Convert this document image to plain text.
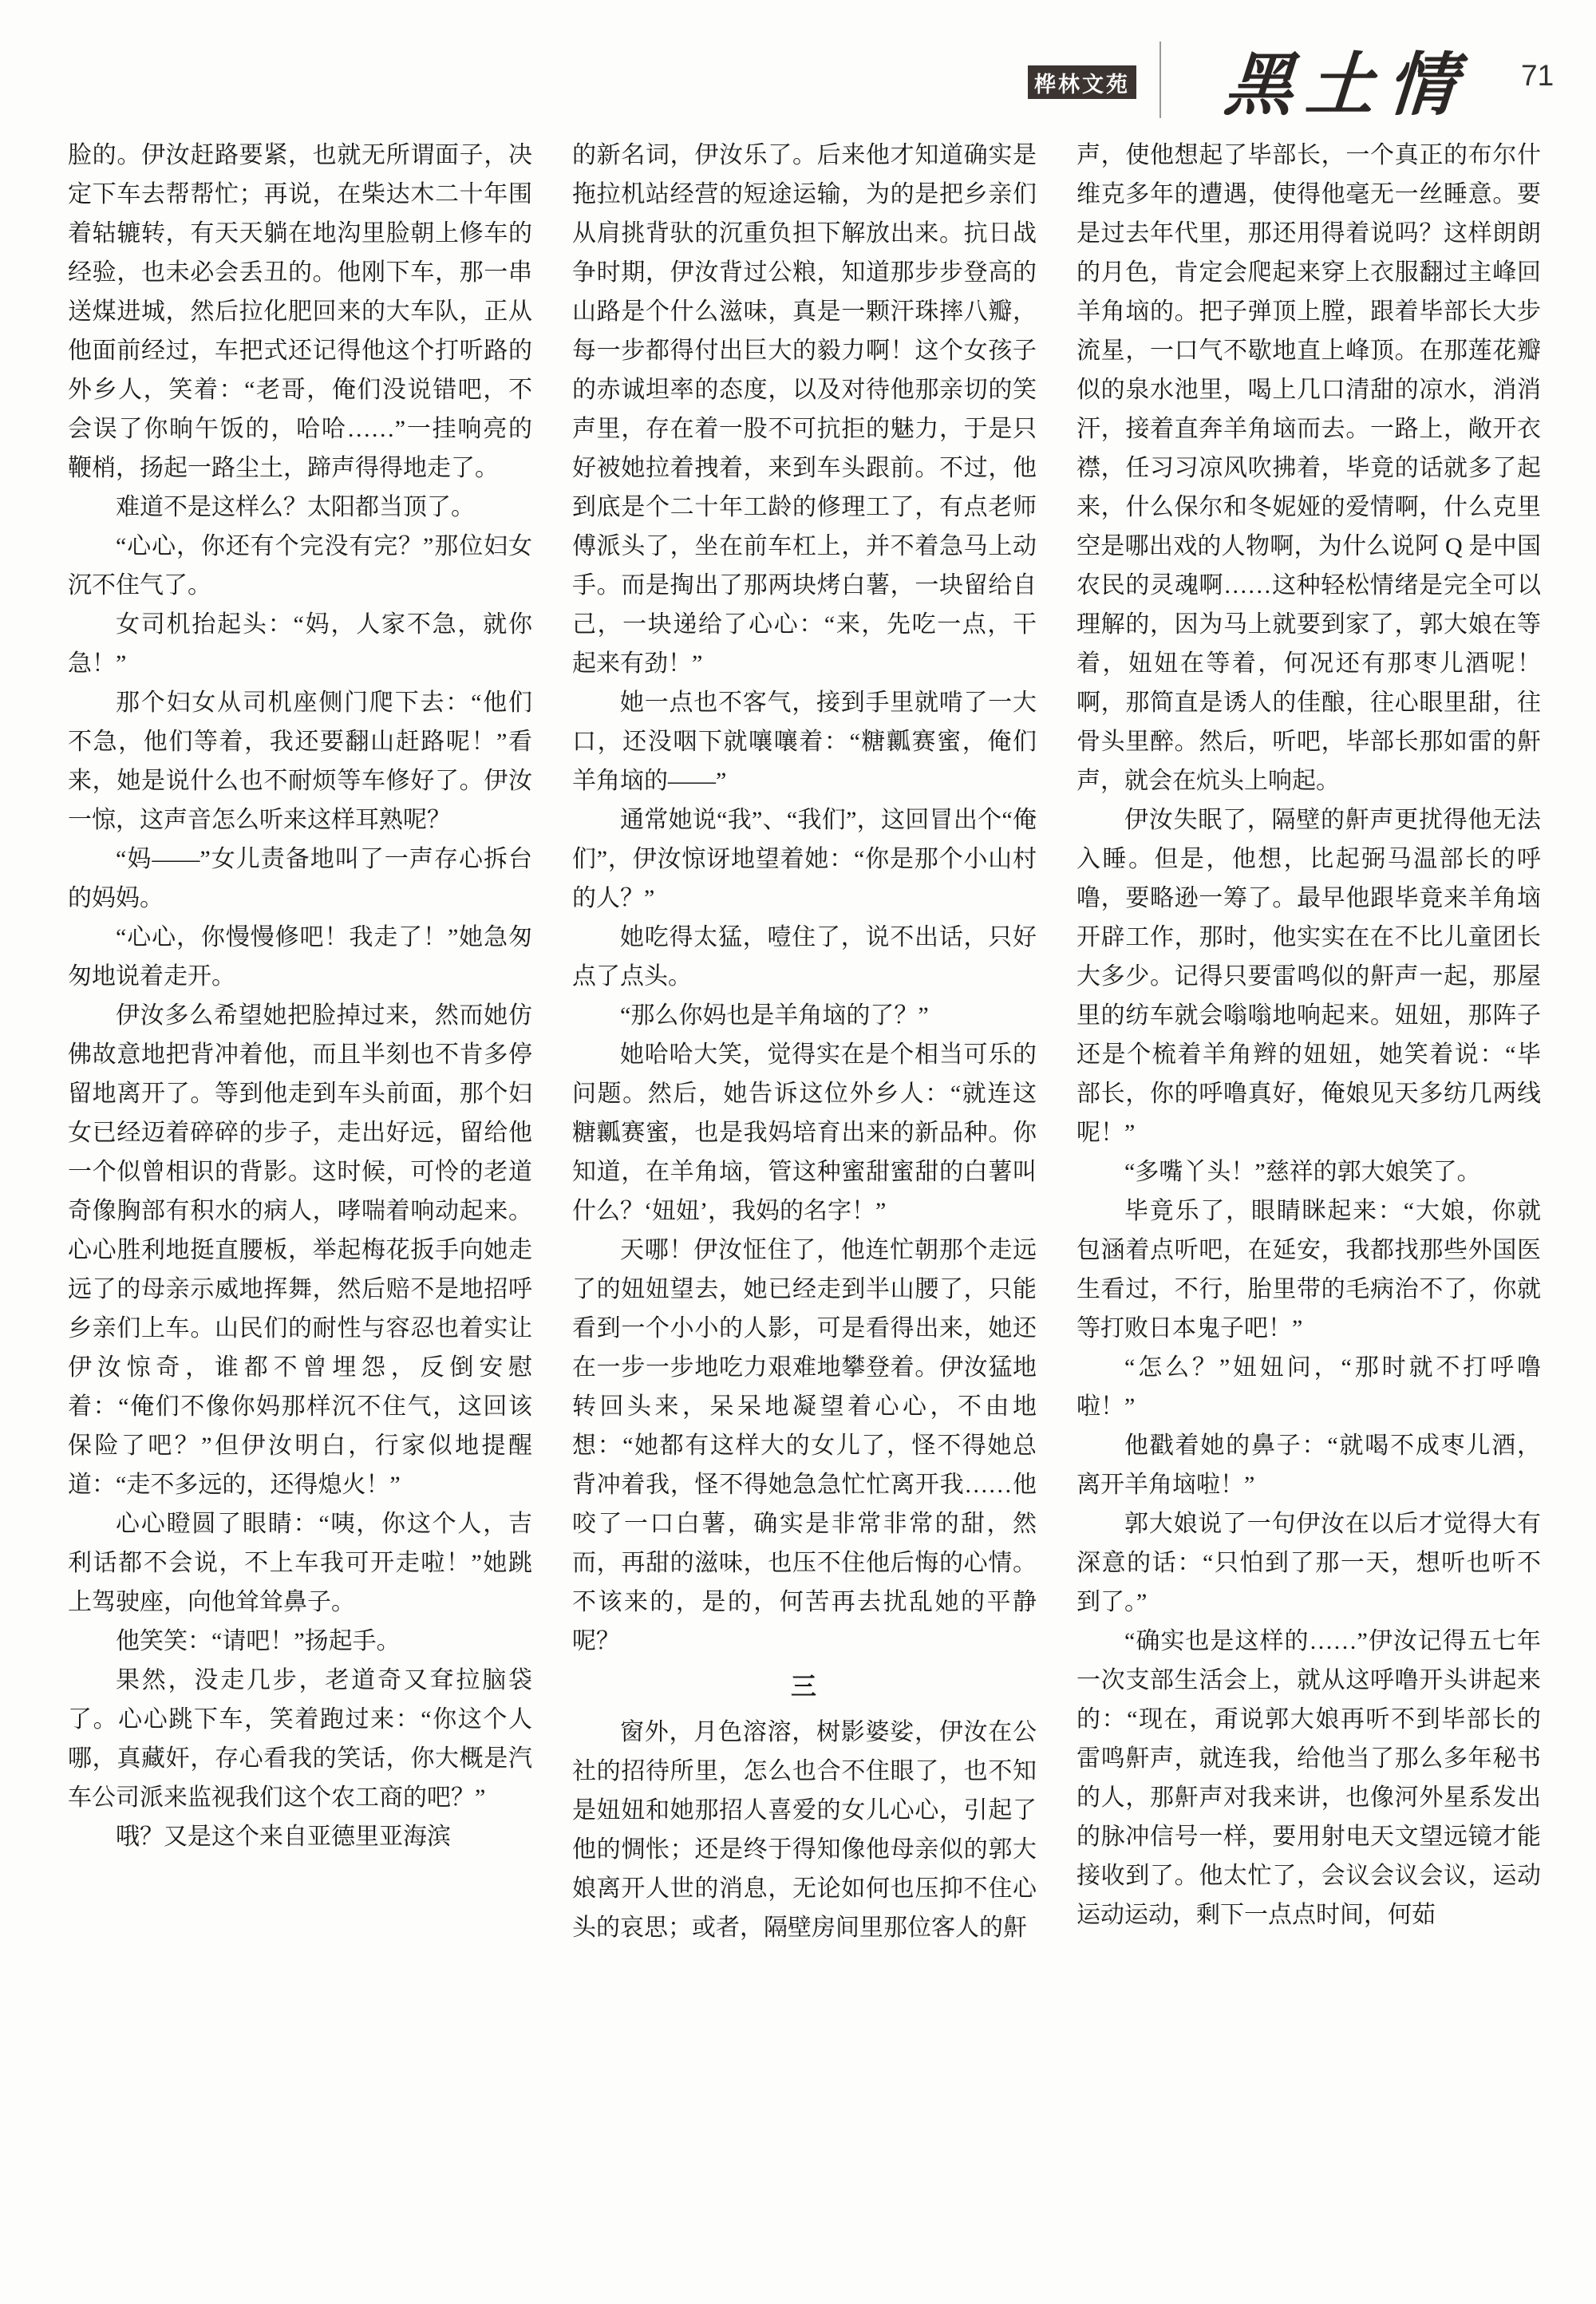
桦林文苑 黑土情 71

脸的。伊汝赶路要紧，也就无所谓面子，决定下车去帮帮忙；再说，在柴达木二十年围着轱辘转，有天天躺在地沟里脸朝上修车的经验，也未必会丢丑的。他刚下车，那一串送煤进城，然后拉化肥回来的大车队，正从他面前经过，车把式还记得他这个打听路的外乡人，笑着：“老哥，俺们没说错吧，不会误了你晌午饭的，哈哈……”一挂响亮的鞭梢，扬起一路尘土，蹄声得得地走了。

难道不是这样么？太阳都当顶了。

“心心，你还有个完没有完？”那位妇女沉不住气了。

女司机抬起头：“妈，人家不急，就你急！”

那个妇女从司机座侧门爬下去：“他们不急，他们等着，我还要翻山赶路呢！”看来，她是说什么也不耐烦等车修好了。伊汝一惊，这声音怎么听来这样耳熟呢？

“妈——”女儿责备地叫了一声存心拆台的妈妈。

“心心，你慢慢修吧！我走了！”她急匆匆地说着走开。

伊汝多么希望她把脸掉过来，然而她仿佛故意地把背冲着他，而且半刻也不肯多停留地离开了。等到他走到车头前面，那个妇女已经迈着碎碎的步子，走出好远，留给他一个似曾相识的背影。这时候，可怜的老道奇像胸部有积水的病人，哮喘着响动起来。心心胜利地挺直腰板，举起梅花扳手向她走远了的母亲示威地挥舞，然后赔不是地招呼乡亲们上车。山民们的耐性与容忍也着实让伊汝惊奇，谁都不曾埋怨，反倒安慰着：“俺们不像你妈那样沉不住气，这回该保险了吧？”但伊汝明白，行家似地提醒道：“走不多远的，还得熄火！”

心心瞪圆了眼睛：“咦，你这个人，吉利话都不会说，不上车我可开走啦！”她跳上驾驶座，向他耸耸鼻子。

他笑笑：“请吧！”扬起手。

果然，没走几步，老道奇又耷拉脑袋了。心心跳下车，笑着跑过来：“你这个人哪，真藏奸，存心看我的笑话，你大概是汽车公司派来监视我们这个农工商的吧？”

哦？又是这个来自亚德里亚海滨

的新名词，伊汝乐了。后来他才知道确实是拖拉机站经营的短途运输，为的是把乡亲们从肩挑背驮的沉重负担下解放出来。抗日战争时期，伊汝背过公粮，知道那步步登高的山路是个什么滋味，真是一颗汗珠摔八瓣，每一步都得付出巨大的毅力啊！这个女孩子的赤诚坦率的态度，以及对待他那亲切的笑声里，存在着一股不可抗拒的魅力，于是只好被她拉着拽着，来到车头跟前。不过，他到底是个二十年工龄的修理工了，有点老师傅派头了，坐在前车杠上，并不着急马上动手。而是掏出了那两块烤白薯，一块留给自己，一块递给了心心：“来，先吃一点，干起来有劲！”

她一点也不客气，接到手里就啃了一大口，还没咽下就嚷嚷着：“糖瓤赛蜜，俺们羊角垴的——”

通常她说“我”、“我们”，这回冒出个“俺们”，伊汝惊讶地望着她：“你是那个小山村的人？”

她吃得太猛，噎住了，说不出话，只好点了点头。

“那么你妈也是羊角垴的了？”

她哈哈大笑，觉得实在是个相当可乐的问题。然后，她告诉这位外乡人：“就连这糖瓤赛蜜，也是我妈培育出来的新品种。你知道，在羊角垴，管这种蜜甜蜜甜的白薯叫什么？‘妞妞’，我妈的名字！”

天哪！伊汝怔住了，他连忙朝那个走远了的妞妞望去，她已经走到半山腰了，只能看到一个小小的人影，可是看得出来，她还在一步一步地吃力艰难地攀登着。伊汝猛地转回头来，呆呆地凝望着心心，不由地想：“她都有这样大的女儿了，怪不得她总背冲着我，怪不得她急急忙忙离开我……他咬了一口白薯，确实是非常非常的甜，然而，再甜的滋味，也压不住他后悔的心情。不该来的，是的，何苦再去扰乱她的平静呢？

三

窗外，月色溶溶，树影婆娑，伊汝在公社的招待所里，怎么也合不住眼了，也不知是妞妞和她那招人喜爱的女儿心心，引起了他的惆怅；还是终于得知像他母亲似的郭大娘离开人世的消息，无论如何也压抑不住心头的哀思；或者，隔壁房间里那位客人的鼾

声，使他想起了毕部长，一个真正的布尔什维克多年的遭遇，使得他毫无一丝睡意。要是过去年代里，那还用得着说吗？这样朗朗的月色，肯定会爬起来穿上衣服翻过主峰回羊角垴的。把子弹顶上膛，跟着毕部长大步流星，一口气不歇地直上峰顶。在那莲花瓣似的泉水池里，喝上几口清甜的凉水，消消汗，接着直奔羊角垴而去。一路上，敞开衣襟，任习习凉风吹拂着，毕竟的话就多了起来，什么保尔和冬妮娅的爱情啊，什么克里空是哪出戏的人物啊，为什么说阿 Q 是中国农民的灵魂啊……这种轻松情绪是完全可以理解的，因为马上就要到家了，郭大娘在等着，妞妞在等着，何况还有那枣儿酒呢！啊，那简直是诱人的佳酿，往心眼里甜，往骨头里醉。然后，听吧，毕部长那如雷的鼾声，就会在炕头上响起。

伊汝失眠了，隔壁的鼾声更扰得他无法入睡。但是，他想，比起弼马温部长的呼噜，要略逊一筹了。最早他跟毕竟来羊角垴开辟工作，那时，他实实在在不比儿童团长大多少。记得只要雷鸣似的鼾声一起，那屋里的纺车就会嗡嗡地响起来。妞妞，那阵子还是个梳着羊角辫的妞妞，她笑着说：“毕部长，你的呼噜真好，俺娘见天多纺几两线呢！”

“多嘴丫头！”慈祥的郭大娘笑了。

毕竟乐了，眼睛眯起来：“大娘，你就包涵着点听吧，在延安，我都找那些外国医生看过，不行，胎里带的毛病治不了，你就等打败日本鬼子吧！”

“怎么？”妞妞问，“那时就不打呼噜啦！”

他戳着她的鼻子：“就喝不成枣儿酒，离开羊角垴啦！”

郭大娘说了一句伊汝在以后才觉得大有深意的话：“只怕到了那一天，想听也听不到了。”

“确实也是这样的……”伊汝记得五七年一次支部生活会上，就从这呼噜开头讲起来的：“现在，甭说郭大娘再听不到毕部长的雷鸣鼾声，就连我，给他当了那么多年秘书的人，那鼾声对我来讲，也像河外星系发出的脉冲信号一样，要用射电天文望远镜才能接收到了。他太忙了，会议会议会议，运动运动运动，剩下一点点时间，何茹
